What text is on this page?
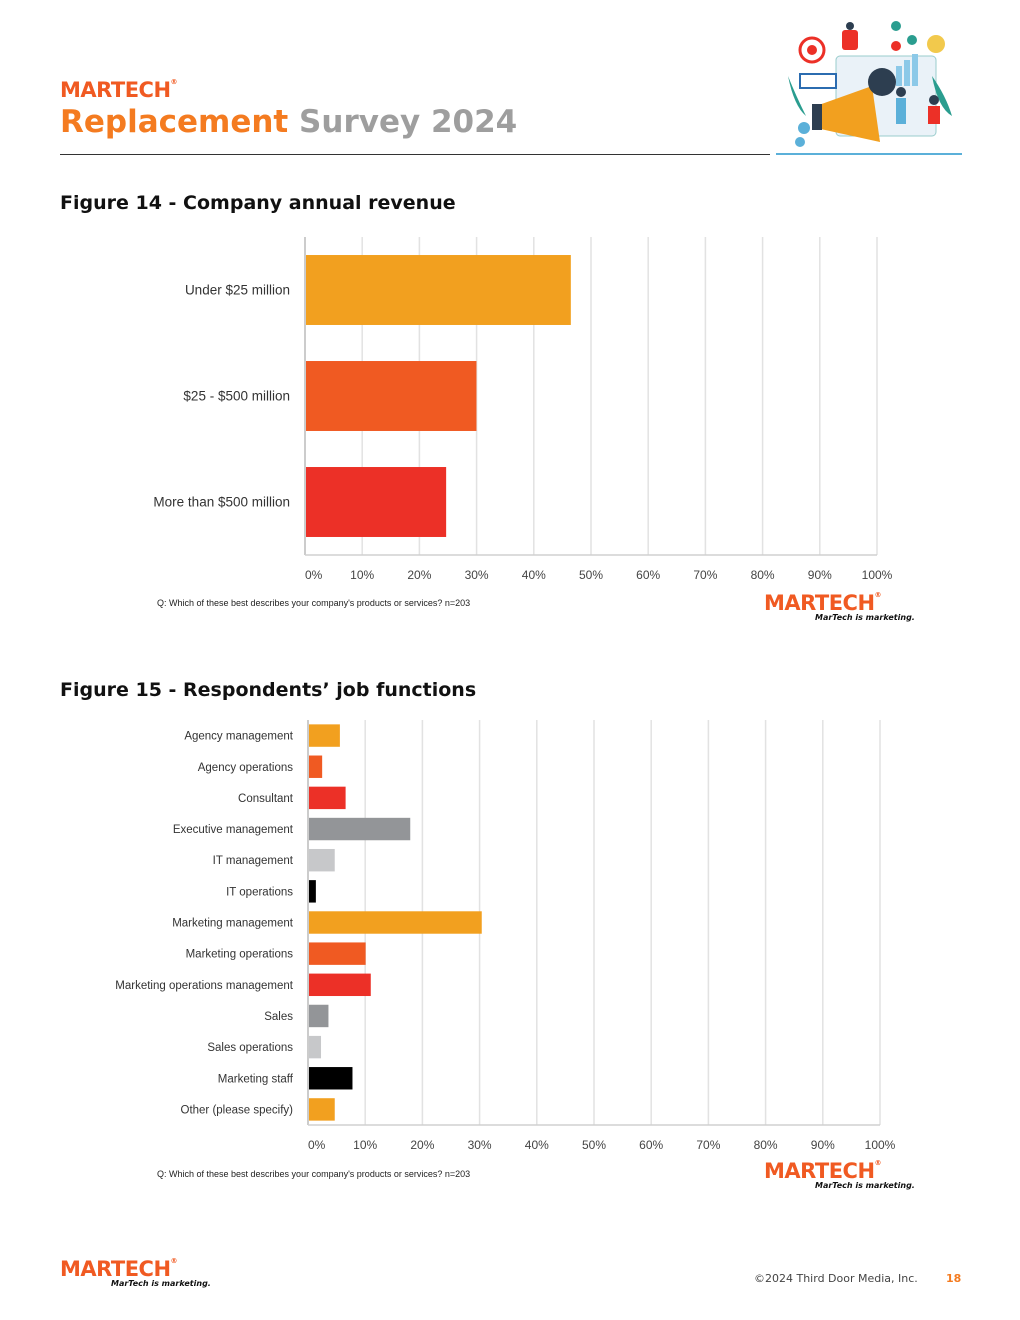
MARTECH®
Replacement Survey 2024
Figure 14 - Company annual revenue
0% 10%	20%	30%	40%	50%	60%	70%	80%	90% 100%
Under $25 million
$25 - $500 million
More than $500 million
Q: Which of these best describes your company's products or services? n=203	MARTECH®
MarTech is marketing.
Figure 15 - Respondents’ job functions
0% 10%	20%	30%	40%	50%	60%	70%	80%	90% 100%
Agency management
Agency operations
Consultant
Executive management
IT management
IT operations
Marketing management
Marketing operations
Marketing operations management
Sales
Sales operations
Marketing staff
Other (please specify)
Q: Which of these best describes your company's products or services? n=203	MARTECH®
MarTech is marketing.
MARTECH®
MarTech is marketing.	©2024 Third Door Media, Inc.	18
